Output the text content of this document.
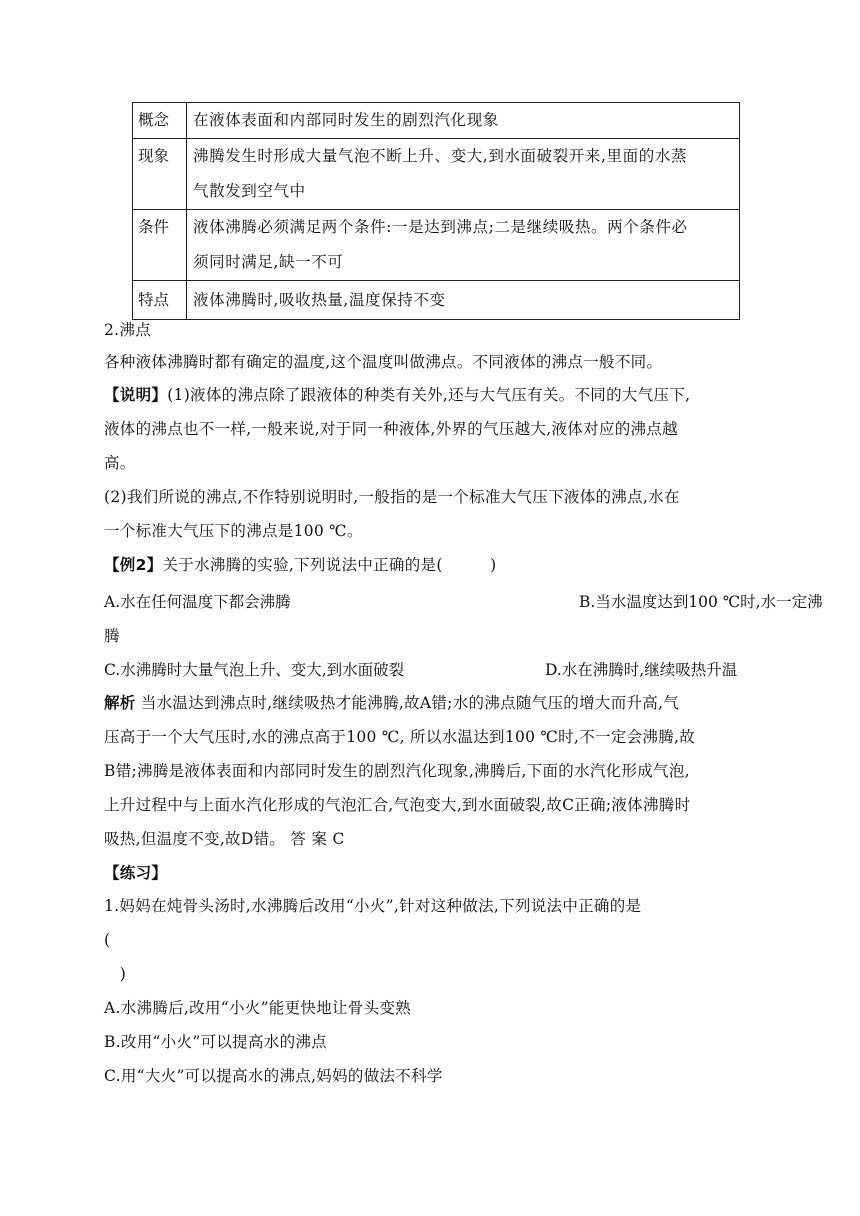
概念	在液体表面和内部同时发生的剧烈汽化现象
现象	沸腾发生时形成大量气泡不断上升、变大,到水面破裂开来,里面的水蒸
气散发到空气中
条件	液体沸腾必须满足两个条件:一是达到沸点;二是继续吸热。两个条件必
须同时满足,缺一不可
特点	液体沸腾时,吸收热量,温度保持不变
2.沸点
各种液体沸腾时都有确定的温度,这个温度叫做沸点。不同液体的沸点一般不同。
【说明】(1)液体的沸点除了跟液体的种类有关外,还与大气压有关。不同的大气压下,
液体的沸点也不一样,一般来说,对于同一种液体,外界的气压越大,液体对应的沸点越
高。
(2)我们所说的沸点,不作特别说明时,一般指的是一个标准大气压下液体的沸点,水在
一个标准大气压下的沸点是100 ℃。
【例2】关于水沸腾的实验,下列说法中正确的是(　　　)
A.水在任何温度下都会沸腾	B.当水温度达到100 ℃时,水一定沸
腾
C.水沸腾时大量气泡上升、变大,到水面破裂	D.水在沸腾时,继续吸热升温
解析 当水温达到沸点时,继续吸热才能沸腾,故A错;水的沸点随气压的增大而升高,气
压高于一个大气压时,水的沸点高于100 ℃, 所以水温达到100 ℃时,不一定会沸腾,故
B错;沸腾是液体表面和内部同时发生的剧烈汽化现象,沸腾后,下面的水汽化形成气泡,
上升过程中与上面水汽化形成的气泡汇合,气泡变大,到水面破裂,故C正确;液体沸腾时
吸热,但温度不变,故D错。 答 案 C
【练习】
1.妈妈在炖骨头汤时,水沸腾后改用“小火”,针对这种做法,下列说法中正确的是
(
　)
A.水沸腾后,改用“小火”能更快地让骨头变熟
B.改用“小火”可以提高水的沸点
C.用“大火”可以提高水的沸点,妈妈的做法不科学
